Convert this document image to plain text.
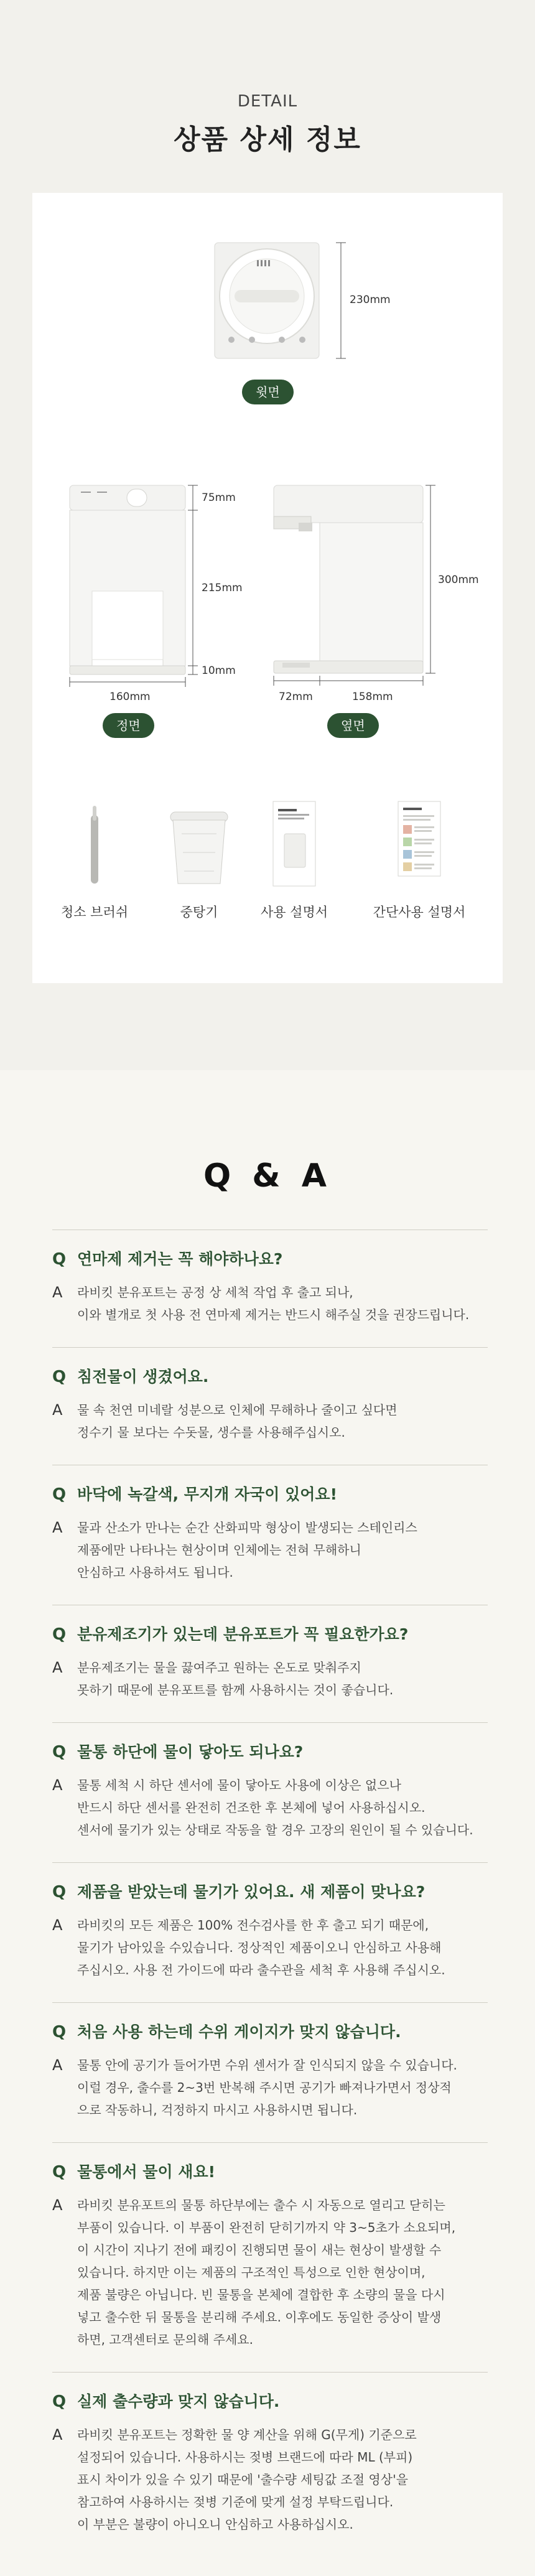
DETAIL
상품 상세 정보
230mm
윗면
75mm
215mm
10mm
160mm
정면
300mm
72mm	158mm
옆면
청소 브러쉬	중탕기	사용 설명서	간단사용 설명서
Q & A
Q 연마제 제거는 꼭 해야하나요?
A	라비킷 분유포트는 공정 상 세척 작업 후 출고 되나,
이와 별개로 첫 사용 전 연마제 제거는 반드시 해주실 것을 권장드립니다.
Q 침전물이 생겼어요.
A	물 속 천연 미네랄 성분으로 인체에 무해하나 줄이고 싶다면
정수기 물 보다는 수돗물, 생수를 사용해주십시오.
Q 바닥에 녹갈색, 무지개 자국이 있어요!
A	물과 산소가 만나는 순간 산화피막 형상이 발생되는 스테인리스
제품에만 나타나는 현상이며 인체에는 전혀 무해하니
안심하고 사용하셔도 됩니다.
Q 분유제조기가 있는데 분유포트가 꼭 필요한가요?
A	분유제조기는 물을 끓여주고 원하는 온도로 맞춰주지
못하기 때문에 분유포트를 함께 사용하시는 것이 좋습니다.
Q 물통 하단에 물이 닿아도 되나요?
A	물통 세척 시 하단 센서에 물이 닿아도 사용에 이상은 없으나
반드시 하단 센서를 완전히 건조한 후 본체에 넣어 사용하십시오.
센서에 물기가 있는 상태로 작동을 할 경우 고장의 원인이 될 수 있습니다.
Q 제품을 받았는데 물기가 있어요. 새 제품이 맞나요?
A	라비킷의 모든 제품은 100% 전수검사를 한 후 출고 되기 때문에,
물기가 남아있을 수있습니다. 정상적인 제품이오니 안심하고 사용해
주십시오. 사용 전 가이드에 따라 출수관을 세척 후 사용해 주십시오.
Q 처음 사용 하는데 수위 게이지가 맞지 않습니다.
A	물통 안에 공기가 들어가면 수위 센서가 잘 인식되지 않을 수 있습니다.
이럴 경우, 출수를 2~3번 반복해 주시면 공기가 빠져나가면서 정상적
으로 작동하니, 걱정하지 마시고 사용하시면 됩니다.
Q 물통에서 물이 새요!
A	라비킷 분유포트의 물통 하단부에는 출수 시 자동으로 열리고 닫히는
부품이 있습니다. 이 부품이 완전히 닫히기까지 약 3~5초가 소요되며,
이 시간이 지나기 전에 패킹이 진행되면 물이 새는 현상이 발생할 수
있습니다. 하지만 이는 제품의 구조적인 특성으로 인한 현상이며,
제품 불량은 아닙니다. 빈 물통을 본체에 결합한 후 소량의 물을 다시
넣고 출수한 뒤 물통을 분리해 주세요. 이후에도 동일한 증상이 발생
하면, 고객센터로 문의해 주세요.
Q 실제 출수량과 맞지 않습니다.
A	라비킷 분유포트는 정확한 물 양 계산을 위해 G(무게) 기준으로
설정되어 있습니다. 사용하시는 젖병 브랜드에 따라 ML (부피)
표시 차이가 있을 수 있기 때문에 '출수량 세팅값 조절 영상'을
참고하여 사용하시는 젖병 기준에 맞게 설정 부탁드립니다.
이 부분은 불량이 아니오니 안심하고 사용하십시오.
